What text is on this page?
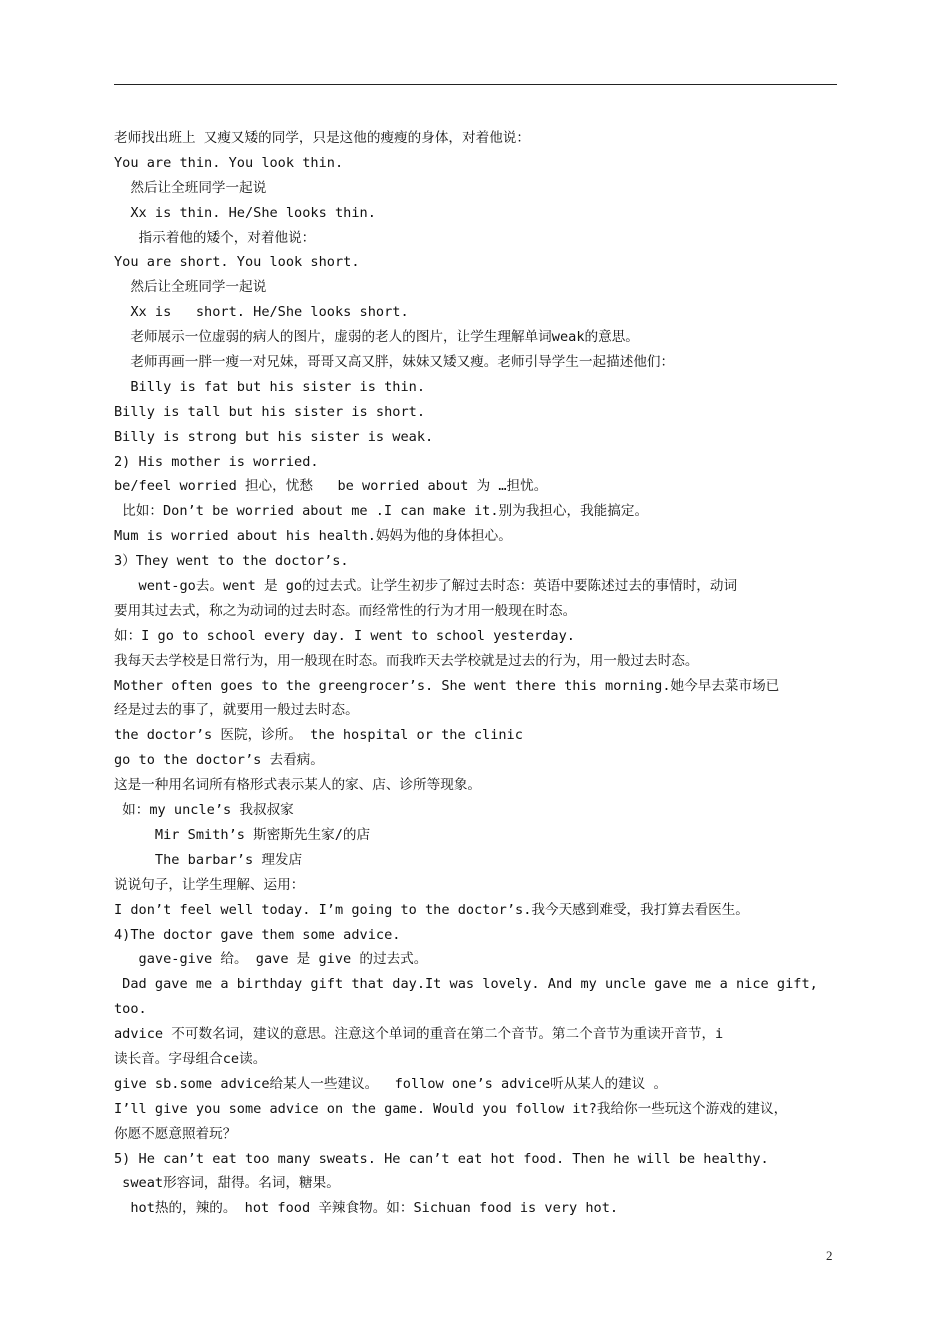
老师找出班上 又瘦又矮的同学，只是这他的瘦瘦的身体，对着他说：
You are thin. You look thin.
然后让全班同学一起说
Xx is thin. He/She looks thin.
指示着他的矮个，对着他说：
You are short. You look short.
然后让全班同学一起说
Xx is   short. He/She looks short.
老师展示一位虚弱的病人的图片，虚弱的老人的图片，让学生理解单词weak的意思。
老师再画一胖一瘦一对兄妹，哥哥又高又胖，妹妹又矮又瘦。老师引导学生一起描述他们：
Billy is fat but his sister is thin.
Billy is tall but his sister is short.
Billy is strong but his sister is weak.
2) His mother is worried.
be/feel worried 担心，忧愁   be worried about 为 …担忧。
比如：Don’t be worried about me .I can make it.别为我担心，我能搞定。
Mum is worried about his health.妈妈为他的身体担心。
3）They went to the doctor’s.
went-go去。went 是 go的过去式。让学生初步了解过去时态：英语中要陈述过去的事情时，动词
要用其过去式，称之为动词的过去时态。而经常性的行为才用一般现在时态。
如：I go to school every day. I went to school yesterday.
我每天去学校是日常行为，用一般现在时态。而我昨天去学校就是过去的行为，用一般过去时态。
Mother often goes to the greengrocer’s. She went there this morning.她今早去菜市场已
经是过去的事了，就要用一般过去时态。
the doctor’s 医院，诊所。 the hospital or the clinic
go to the doctor’s 去看病。
这是一种用名词所有格形式表示某人的家、店、诊所等现象。
如：my uncle’s 我叔叔家
Mir Smith’s 斯密斯先生家/的店
The barbar’s 理发店
说说句子，让学生理解、运用：
I don’t feel well today. I’m going to the doctor’s.我今天感到难受，我打算去看医生。
4)The doctor gave them some advice.
gave-give 给。 gave 是 give 的过去式。
Dad gave me a birthday gift that day.It was lovely. And my uncle gave me a nice gift,
too.
advice 不可数名词，建议的意思。注意这个单词的重音在第二个音节。第二个音节为重读开音节，i
读长音。字母组合ce读。
give sb.some advice给某人一些建议。  follow one’s advice听从某人的建议 。
I’ll give you some advice on the game. Would you follow it?我给你一些玩这个游戏的建议，
你愿不愿意照着玩？
5) He can’t eat too many sweats. He can’t eat hot food. Then he will be healthy.
sweat形容词，甜得。名词，糖果。
hot热的，辣的。 hot food 辛辣食物。如：Sichuan food is very hot.
2
